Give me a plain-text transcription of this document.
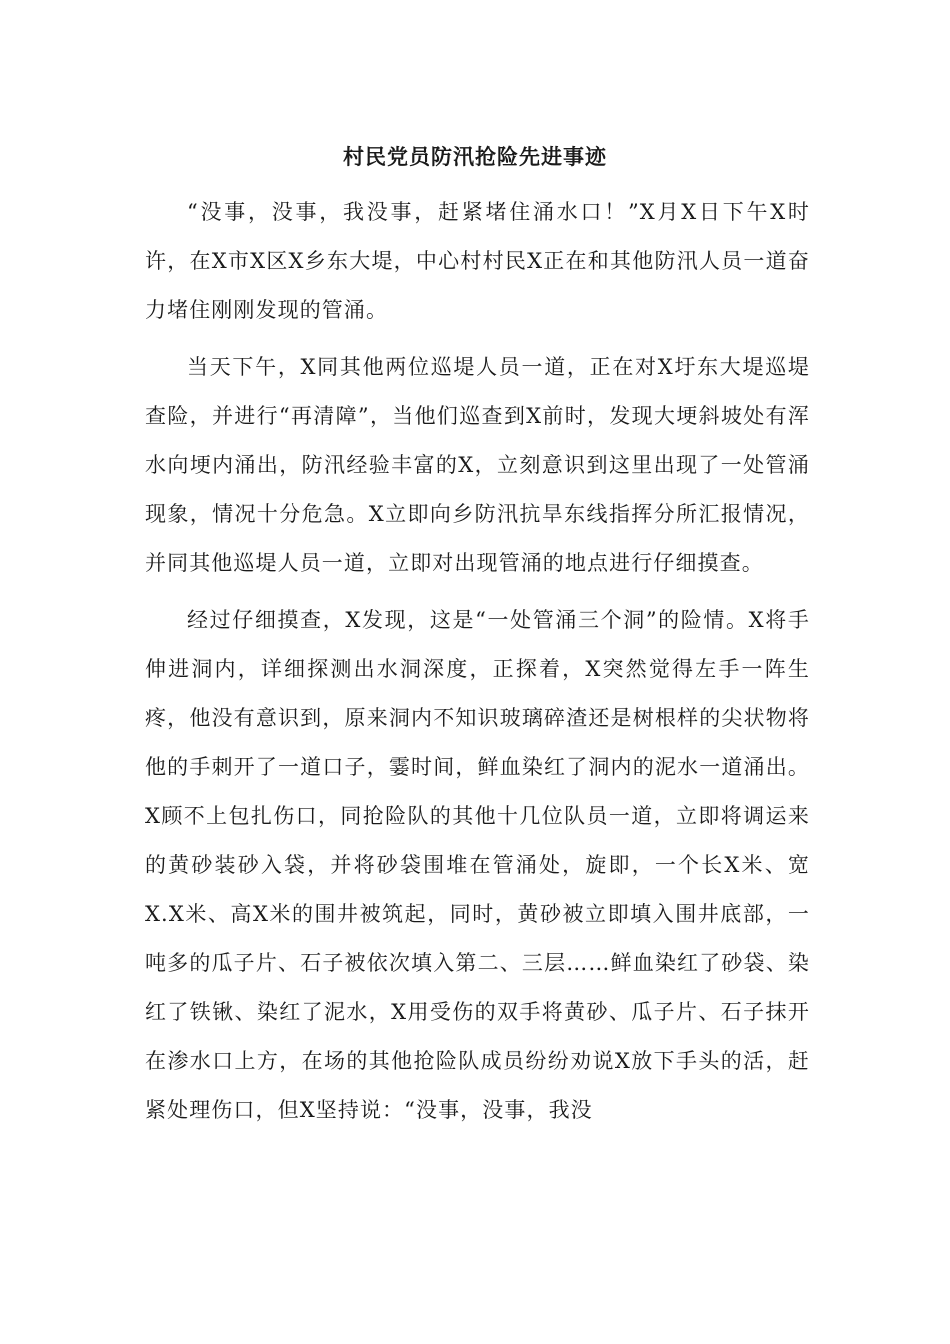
村民党员防汛抢险先进事迹

“没事，没事，我没事，赶紧堵住涌水口！”X月X日下午X时许，在X市X区X乡东大堤，中心村村民X正在和其他防汛人员一道奋力堵住刚刚发现的管涌。

当天下午，X同其他两位巡堤人员一道，正在对X圩东大堤巡堤查险，并进行“再清障”，当他们巡查到X前时，发现大埂斜坡处有浑水向埂内涌出，防汛经验丰富的X，立刻意识到这里出现了一处管涌现象，情况十分危急。X立即向乡防汛抗旱东线指挥分所汇报情况，并同其他巡堤人员一道，立即对出现管涌的地点进行仔细摸查。

经过仔细摸查，X发现，这是“一处管涌三个洞”的险情。X将手伸进洞内，详细探测出水洞深度，正探着，X突然觉得左手一阵生疼，他没有意识到，原来洞内不知识玻璃碎渣还是树根样的尖状物将他的手刺开了一道口子，霎时间，鲜血染红了洞内的泥水一道涌出。X顾不上包扎伤口，同抢险队的其他十几位队员一道，立即将调运来的黄砂装砂入袋，并将砂袋围堆在管涌处，旋即，一个长X米、宽X.X米、高X米的围井被筑起，同时，黄砂被立即填入围井底部，一吨多的瓜子片、石子被依次填入第二、三层……鲜血染红了砂袋、染红了铁锹、染红了泥水，X用受伤的双手将黄砂、瓜子片、石子抹开在渗水口上方，在场的其他抢险队成员纷纷劝说X放下手头的活，赶紧处理伤口，但X坚持说：“没事，没事，我没
